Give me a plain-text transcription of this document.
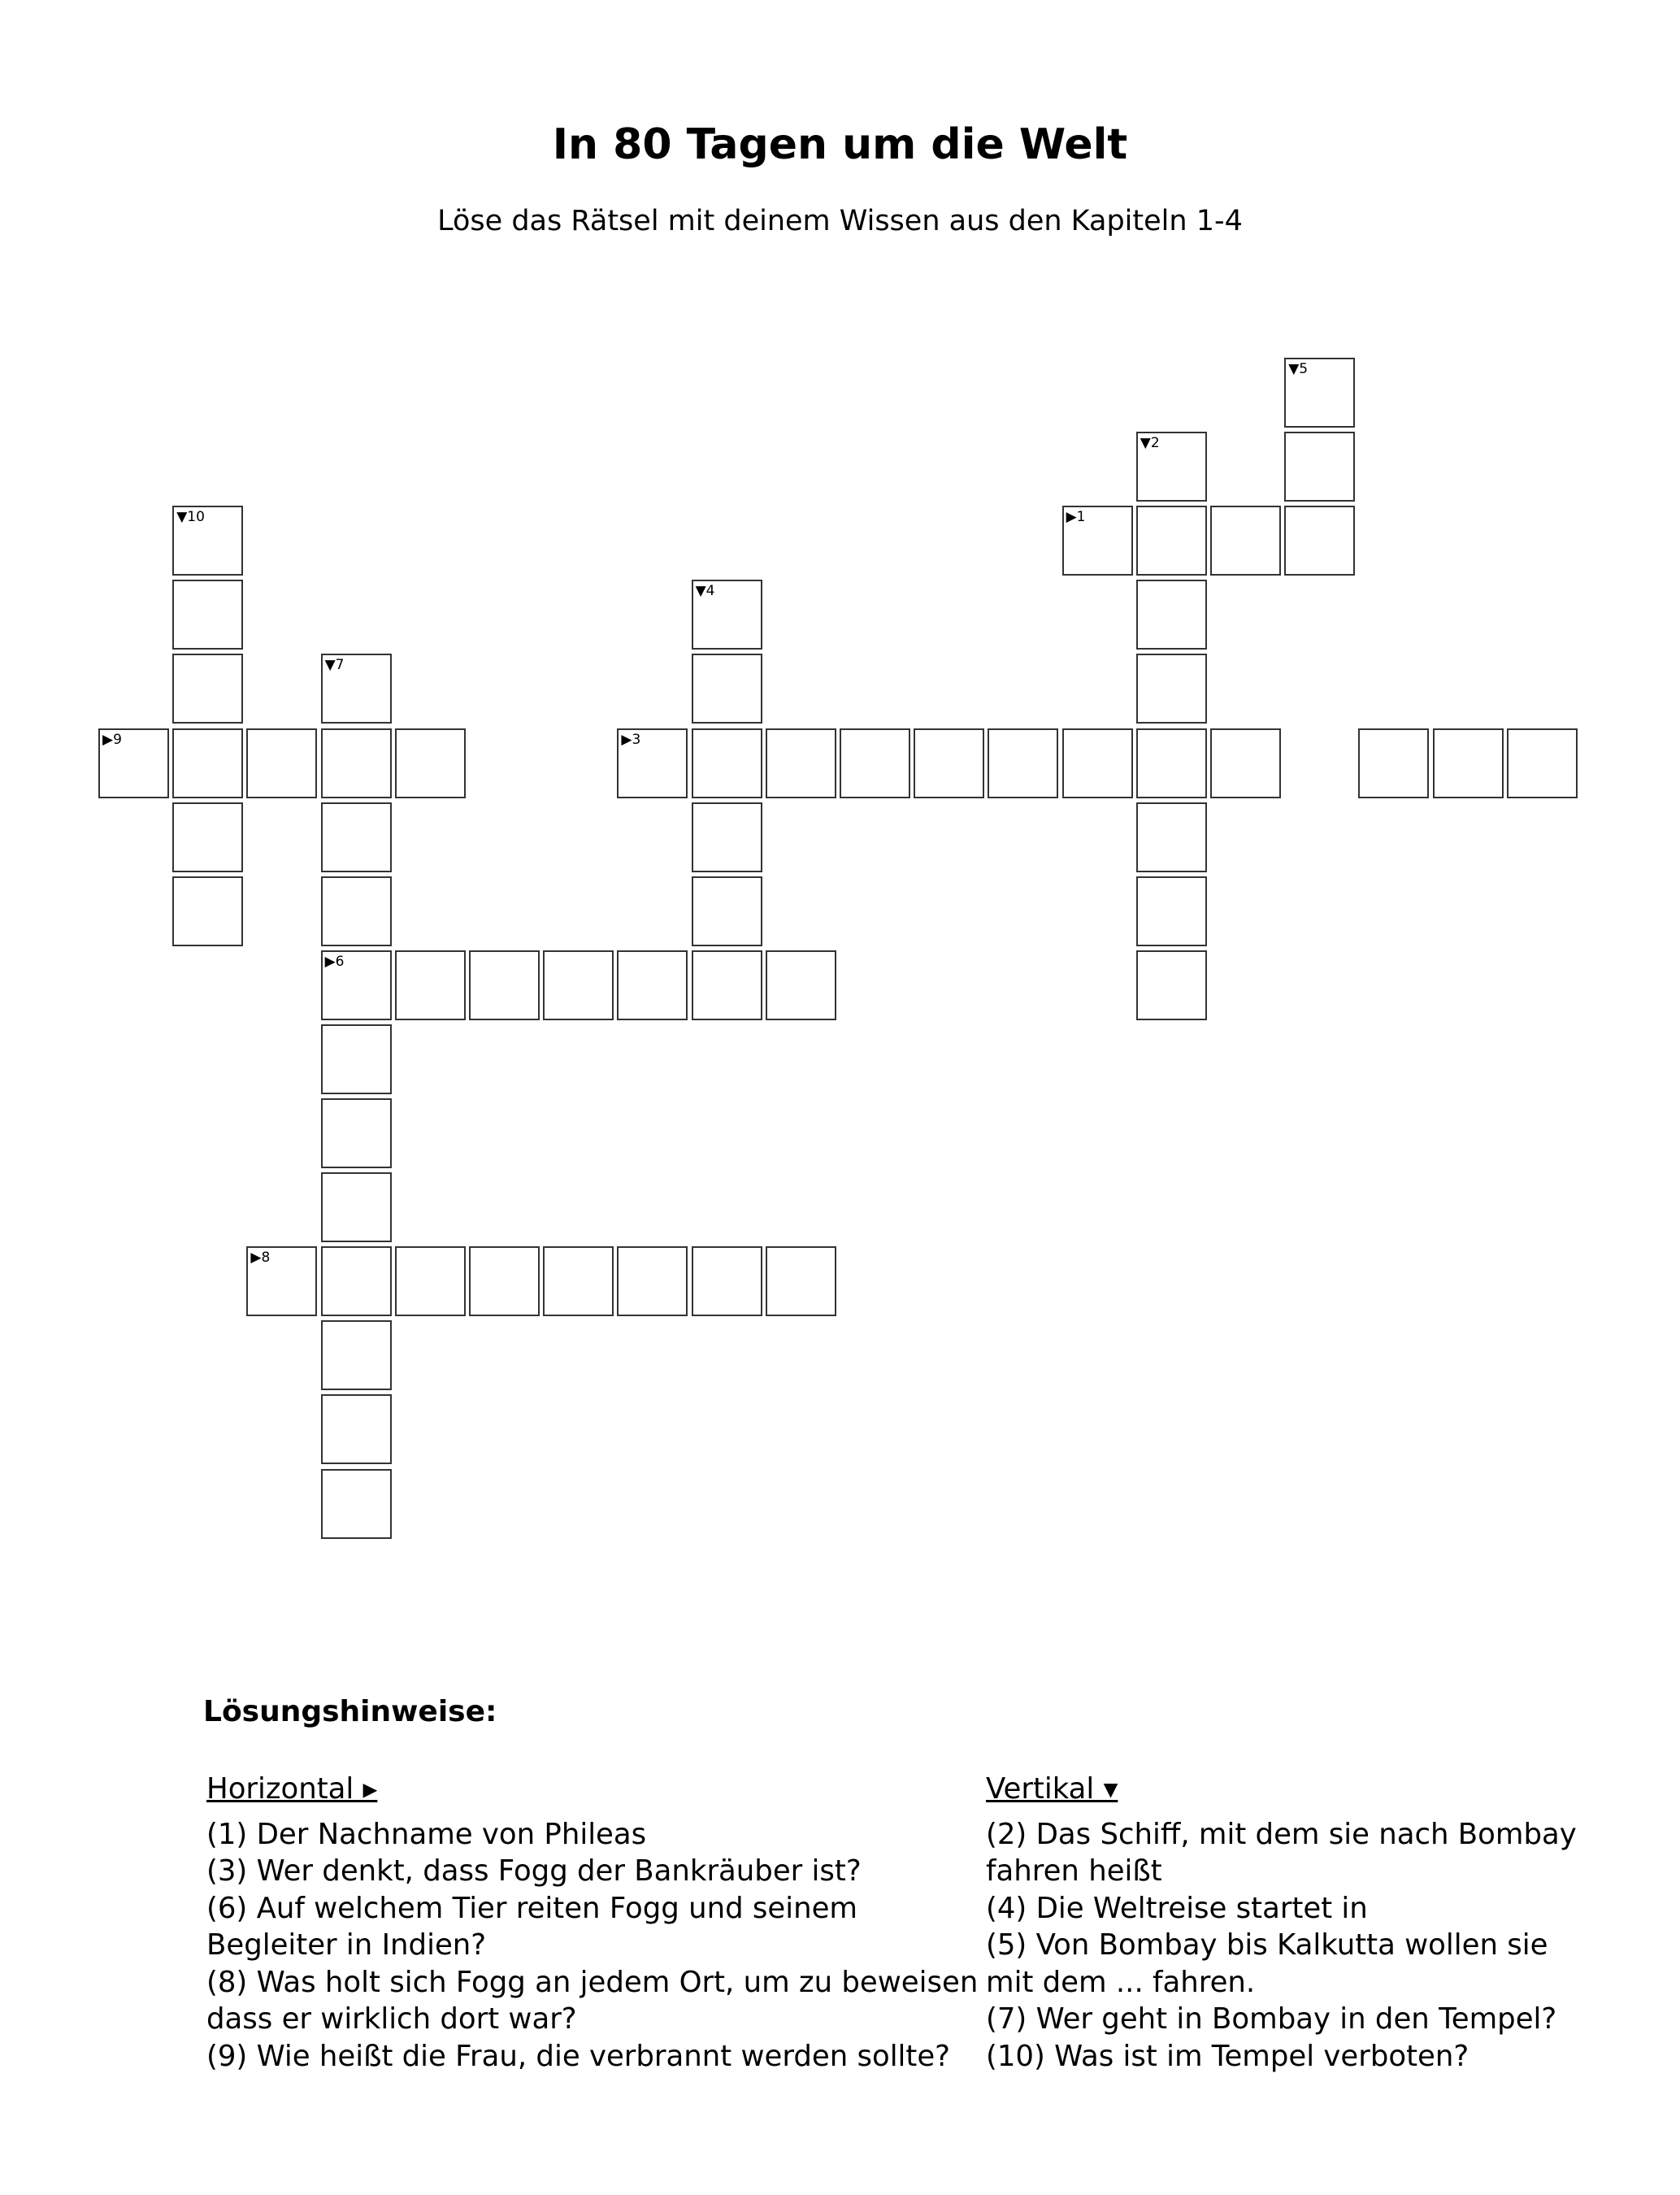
In 80 Tagen um die Welt

Löse das Rätsel mit deinem Wissen aus den Kapiteln 1-4

▼5
▼2
▼10	▶1
▼4
▼7
▶9	▶3
▶6
▶8
Lösungshinweise:
Horizontal ▸

(1) Der Nachname von Phileas

(3) Wer denkt, dass Fogg der Bankräuber ist?

(6) Auf welchem Tier reiten Fogg und seinem Begleiter in Indien?

(8) Was holt sich Fogg an jedem Ort, um zu beweisen dass er wirklich dort war?

(9) Wie heißt die Frau, die verbrannt werden sollte?

Vertikal ▾

(2) Das Schiff, mit dem sie nach Bombay fahren heißt

(4) Die Weltreise startet in

(5) Von Bombay bis Kalkutta wollen sie mit dem ... fahren.

(7) Wer geht in Bombay in den Tempel?

(10) Was ist im Tempel verboten?
